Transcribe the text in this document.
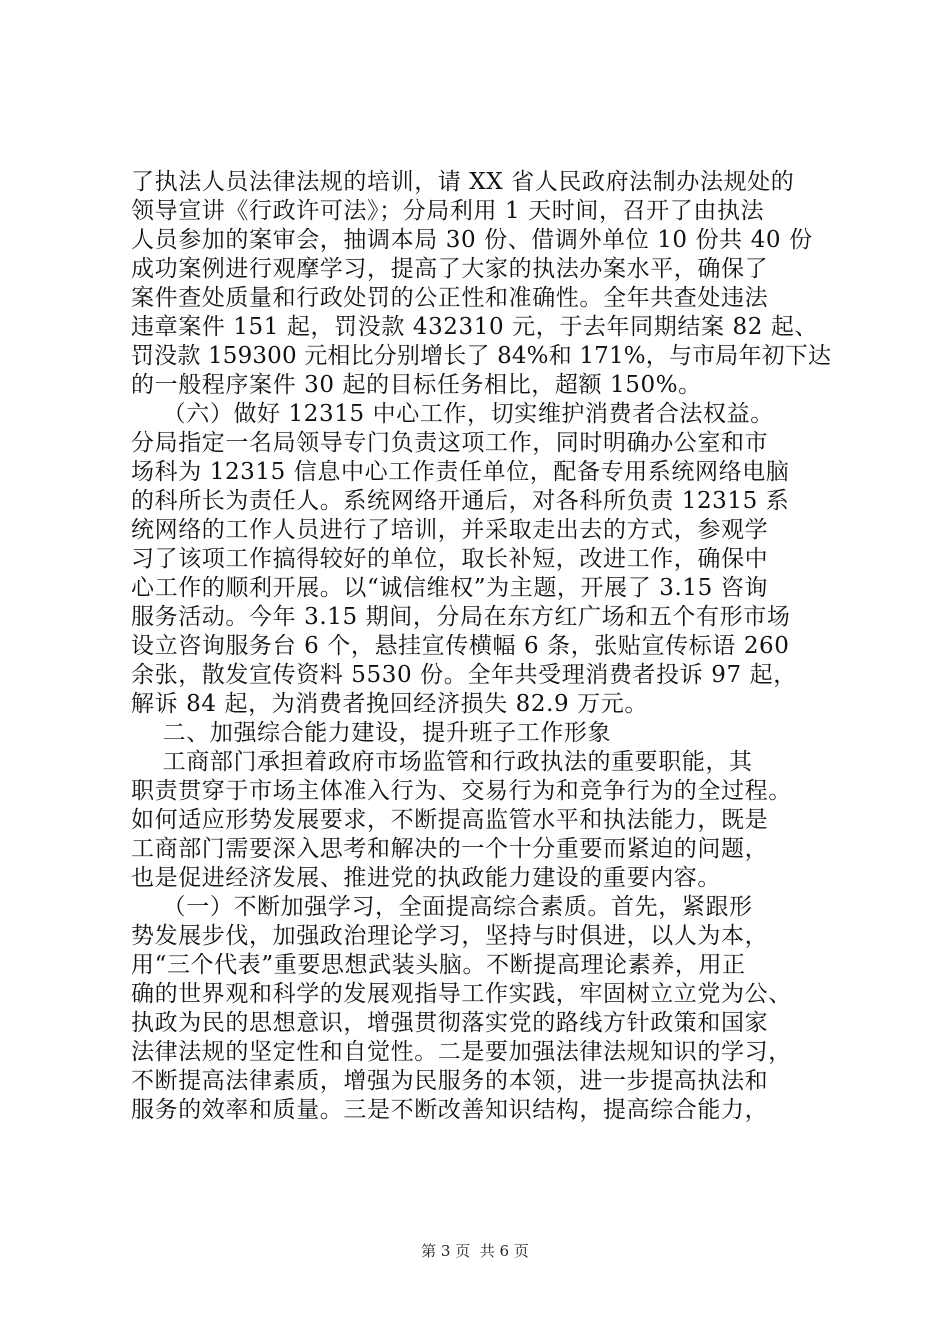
了执法人员法律法规的培训，请 XX 省人民政府法制办法规处的
领导宣讲《行政许可法》；分局利用 1 天时间，召开了由执法
人员参加的案审会，抽调本局 30 份、借调外单位 10 份共 40 份
成功案例进行观摩学习，提高了大家的执法办案水平，确保了
案件查处质量和行政处罚的公正性和准确性。全年共查处违法
违章案件 151 起，罚没款 432310 元，于去年同期结案 82 起、
罚没款 159300 元相比分别增长了 84%和 171%，与市局年初下达
的一般程序案件 30 起的目标任务相比，超额 150%。
（六）做好 12315 中心工作，切实维护消费者合法权益。
分局指定一名局领导专门负责这项工作，同时明确办公室和市
场科为 12315 信息中心工作责任单位，配备专用系统网络电脑
的科所长为责任人。系统网络开通后，对各科所负责 12315 系
统网络的工作人员进行了培训，并采取走出去的方式，参观学
习了该项工作搞得较好的单位，取长补短，改进工作，确保中
心工作的顺利开展。以“诚信维权”为主题，开展了 3.15 咨询
服务活动。今年 3.15 期间，分局在东方红广场和五个有形市场
设立咨询服务台 6 个，悬挂宣传横幅 6 条，张贴宣传标语 260
余张，散发宣传资料 5530 份。全年共受理消费者投诉 97 起，
解诉 84 起，为消费者挽回经济损失 82.9 万元。
二、加强综合能力建设，提升班子工作形象
工商部门承担着政府市场监管和行政执法的重要职能，其
职责贯穿于市场主体准入行为、交易行为和竞争行为的全过程。
如何适应形势发展要求，不断提高监管水平和执法能力，既是
工商部门需要深入思考和解决的一个十分重要而紧迫的问题，
也是促进经济发展、推进党的执政能力建设的重要内容。
（一）不断加强学习，全面提高综合素质。首先，紧跟形
势发展步伐，加强政治理论学习，坚持与时俱进，以人为本，
用“三个代表”重要思想武装头脑。不断提高理论素养，用正
确的世界观和科学的发展观指导工作实践，牢固树立立党为公、
执政为民的思想意识，增强贯彻落实党的路线方针政策和国家
法律法规的坚定性和自觉性。二是要加强法律法规知识的学习，
不断提高法律素质，增强为民服务的本领，进一步提高执法和
服务的效率和质量。三是不断改善知识结构，提高综合能力，
第 3 页  共 6 页
